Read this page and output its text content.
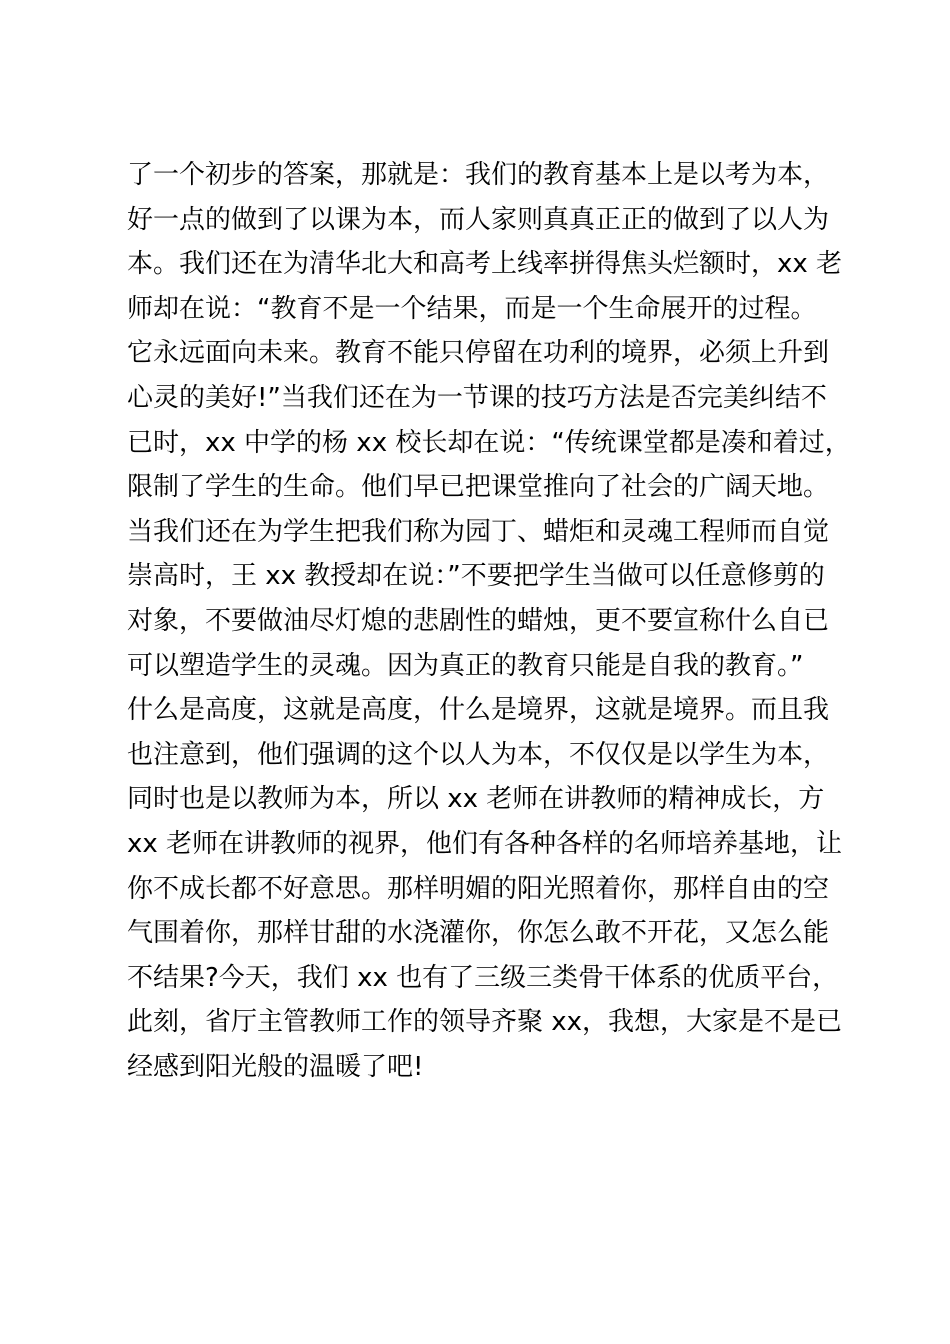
了一个初步的答案，那就是：我们的教育基本上是以考为本，
好一点的做到了以课为本，而人家则真真正正的做到了以人为
本。我们还在为清华北大和高考上线率拼得焦头烂额时，xx 老
师却在说：“教育不是一个结果，而是一个生命展开的过程。
它永远面向未来。教育不能只停留在功利的境界，必须上升到
心灵的美好!”当我们还在为一节课的技巧方法是否完美纠结不
已时，xx 中学的杨 xx 校长却在说：“传统课堂都是凑和着过，
限制了学生的生命。他们早已把课堂推向了社会的广阔天地。
当我们还在为学生把我们称为园丁、蜡炬和灵魂工程师而自觉
崇高时，王 xx 教授却在说：”不要把学生当做可以任意修剪的
对象，不要做油尽灯熄的悲剧性的蜡烛，更不要宣称什么自已
可以塑造学生的灵魂。因为真正的教育只能是自我的教育。”
什么是高度，这就是高度，什么是境界，这就是境界。而且我
也注意到，他们强调的这个以人为本，不仅仅是以学生为本，
同时也是以教师为本，所以 xx 老师在讲教师的精神成长，方
xx 老师在讲教师的视界，他们有各种各样的名师培养基地，让
你不成长都不好意思。那样明媚的阳光照着你，那样自由的空
气围着你，那样甘甜的水浇灌你，你怎么敢不开花，又怎么能
不结果?今天，我们 xx 也有了三级三类骨干体系的优质平台，
此刻，省厅主管教师工作的领导齐聚 xx，我想，大家是不是已
经感到阳光般的温暖了吧!
